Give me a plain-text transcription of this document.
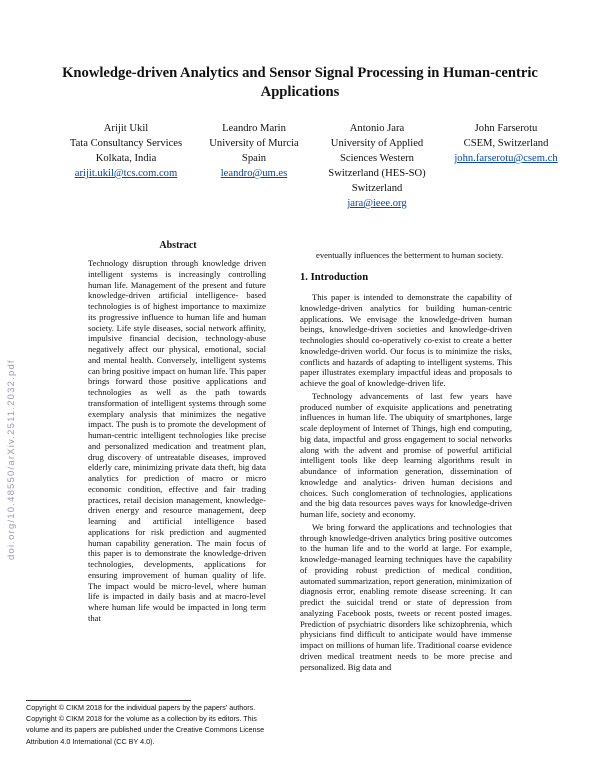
Knowledge-driven Analytics and Sensor Signal Processing in Human-centric Applications
Arijit Ukil
Tata Consultancy Services
Kolkata, India
arijit.ukil@tcs.com.com
Leandro Marin
University of Murcia
Spain
leandro@um.es
Antonio Jara
University of Applied
Sciences Western
Switzerland (HES-SO)
Switzerland
jara@ieee.org
John Farserotu
CSEM, Switzerland
john.farserotu@csem.ch
Abstract

Technology disruption through knowledge driven intelligent systems is increasingly controlling human life. Management of the present and future knowledge-driven artificial intelligence- based technologies is of highest importance to maximize its progressive influence to human life and human society. Life style diseases, social network affinity, impulsive financial decision, technology-abuse negatively affect our physical, emotional, social and mental health. Conversely, intelligent systems can bring positive impact on human life. This paper brings forward those positive applications and technologies as well as the path towards transformation of intelligent systems through some exemplary analysis that minimizes the negative impact. The push is to promote the development of human-centric intelligent technologies like precise and personalized medication and treatment plan, drug discovery of untreatable diseases, improved elderly care, minimizing private data theft, big data analytics for prediction of macro or micro economic condition, effective and fair trading practices, retail decision management, knowledge-driven energy and resource management, deep learning and artificial intelligence based applications for risk prediction and augmented human capability generation. The main focus of this paper is to demonstrate the knowledge-driven technologies, developments, applications for ensuring improvement of human quality of life. The impact would be micro-level, where human life is impacted in daily basis and at macro-level where human life would be impacted in long term that

eventually influences the betterment to human society.

1. Introduction

This paper is intended to demonstrate the capability of knowledge-driven analytics for building human-centric applications. We envisage the knowledge-driven human beings, knowledge-driven societies and knowledge-driven technologies should co-operatively co-exist to create a better knowledge-driven world. Our focus is to minimize the risks, conflicts and hazards of adapting to intelligent systems. This paper illustrates exemplary impactful ideas and proposals to achieve the goal of knowledge-driven life.

Technology advancements of last few years have produced number of exquisite applications and penetrating influences in human life. The ubiquity of smartphones, large scale deployment of Internet of Things, high end computing, big data, impactful and gross engagement to social networks along with the advent and promise of powerful artificial intelligent tools like deep learning algorithms result in abundance of information generation, dissemination of knowledge and analytics- driven human decisions and choices. Such conglomeration of technologies, applications and the big data resources paves ways for knowledge-driven human life, society and economy.

We bring forward the applications and technologies that through knowledge-driven analytics bring positive outcomes to the human life and to the world at large. For example, knowledge-managed learning techniques have the capability of providing robust prediction of medical condition, automated summarization, report generation, minimization of diagnosis error, enabling remote disease screening. It can predict the suicidal trend or state of depression from analyzing Facebook posts, tweets or recent posted images. Prediction of psychiatric disorders like schizophrenia, which physicians find difficult to anticipate would have immense impact on millions of human life. Traditional coarse evidence driven medical treatment needs to be more precise and personalized. Big data and

Copyright © CIKM 2018 for the individual papers by the papers' authors. Copyright © CIKM 2018 for the volume as a collection by its editors. This volume and its papers are published under the Creative Commons License Attribution 4.0 International (CC BY 4.0).
doi.org/10.48550/arXiv.2511.2032.pdf
